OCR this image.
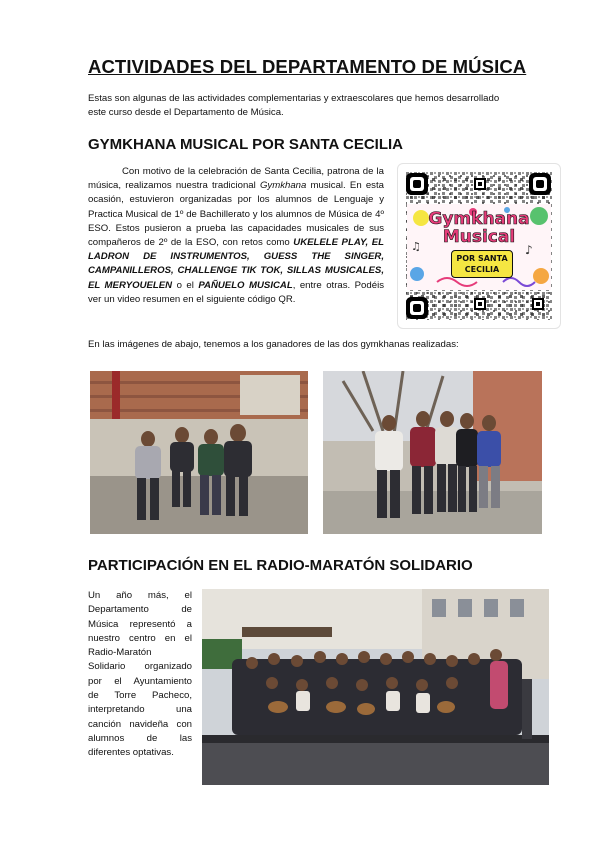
ACTIVIDADES DEL DEPARTAMENTO DE MÚSICA

Estas son algunas de las actividades complementarias y extraescolares que hemos desarrollado
este curso desde el Departamento de Música.

GYMKHANA MUSICAL POR SANTA CECILIA

Con motivo de la celebración de Santa Cecilia, patrona de la música, realizamos nuestra tradicional Gymkhana musical. En esta ocasión, estuvieron organizadas por los alumnos de Lenguaje y Practica Musical de 1º de Bachillerato y los alumnos de Música de 4º ESO. Estos pusieron a prueba las capacidades musicales de sus compañeros de 2º de la ESO, con retos como UKELELE PLAY, EL LADRON DE INSTRUMENTOS, GUESS THE SINGER, CAMPANILLEROS, CHALLENGE TIK TOK, SILLAS MUSICALES, EL MERYOUELEN o el PAÑUELO MUSICAL, entre otras. Podéis ver un video resumen en el siguiente código QR.

♪
♫
Gymkhana
Musical
POR SANTA
CECILIA

En las imágenes de abajo, tenemos a los ganadores de las dos gymkhanas realizadas:

PARTICIPACIÓN EN EL RADIO-MARATÓN SOLIDARIO
Un año más, el
Departamento de
Música representó a
nuestro centro en el
Radio-Maratón
Solidario organizado
por el Ayuntamiento
de Torre Pacheco,
interpretando una
canción navideña con
alumnos de las
diferentes optativas.
